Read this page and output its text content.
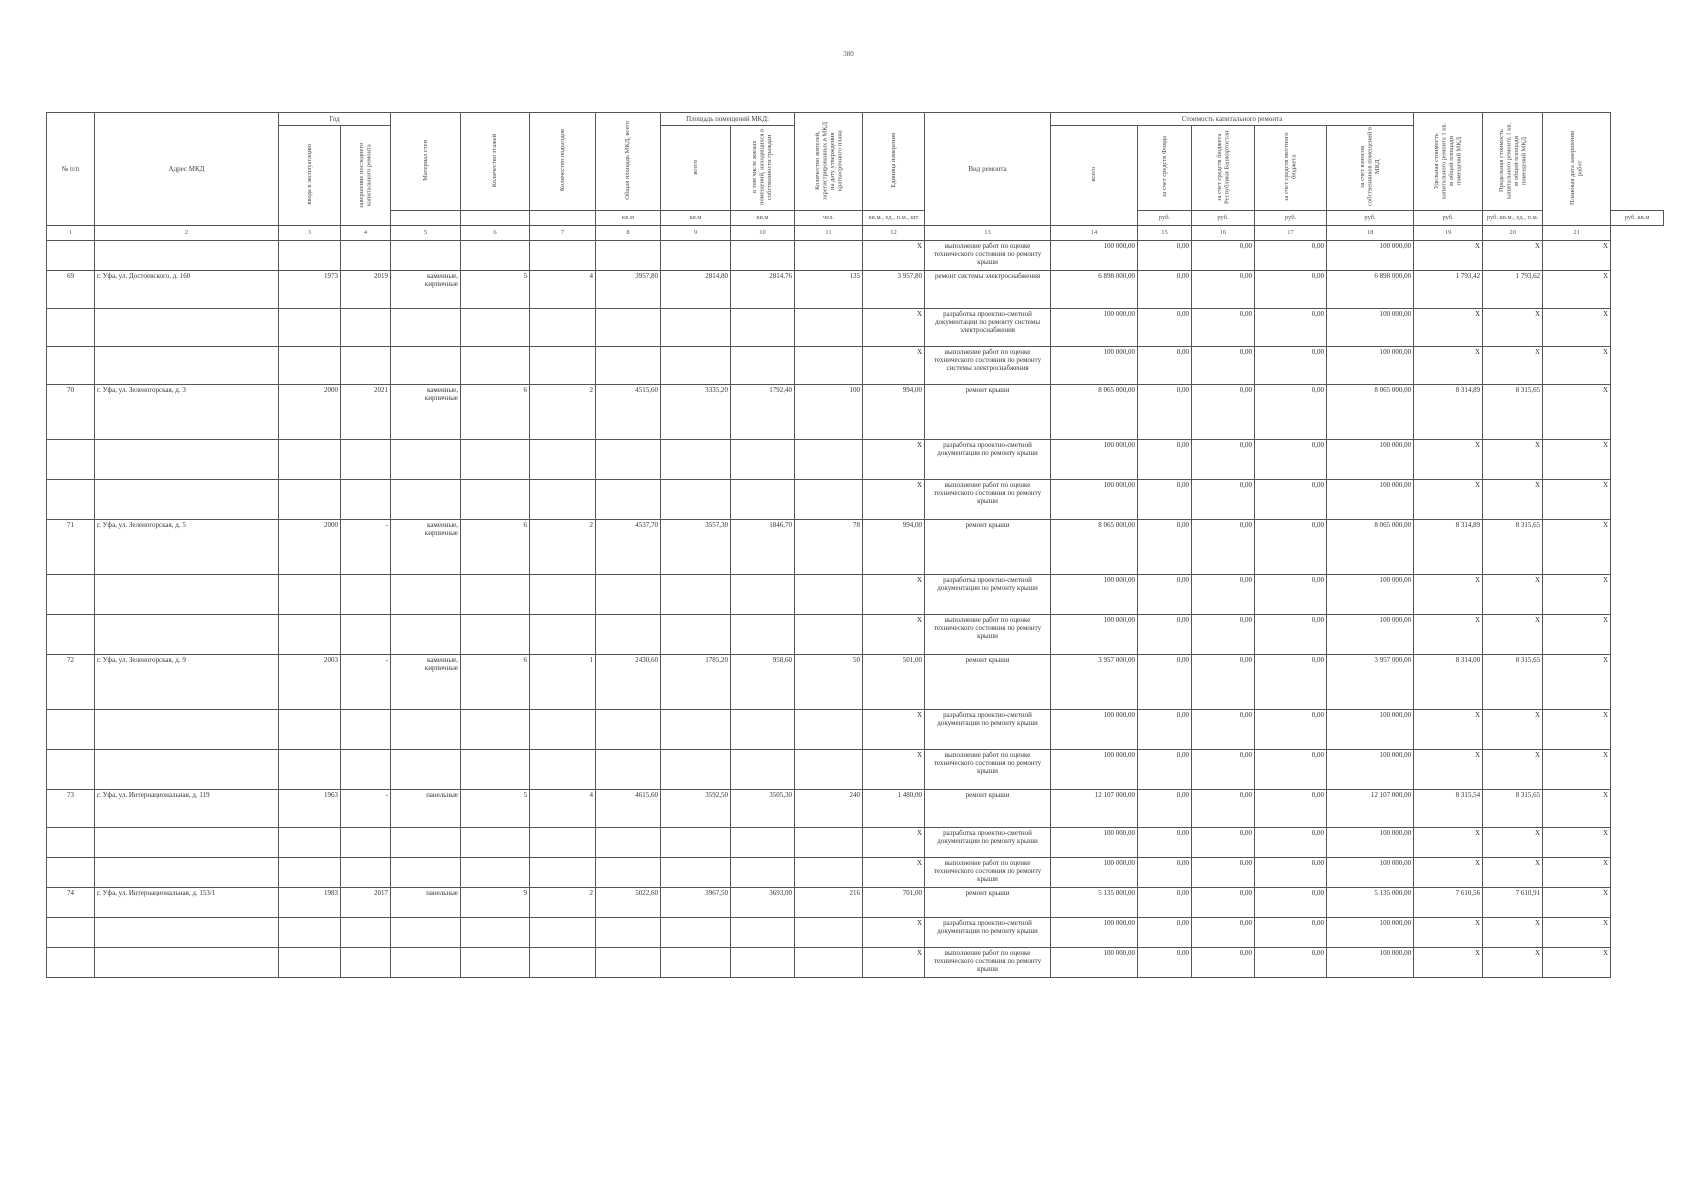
380
№ п/п	Адрес МКД	Год		Материал стен	Количество этажей	Количество подъездов	Общая площадь МКД, всего	Площадь помещений МКД:		Количество жителей, зарегистрированных в МКД на дату утверждения краткосрочного плана	Единица измерения	Вид ремонта	Стоимость капитального ремонта					Удельная стоимость капитального ремонта 1 кв. м общей площади помещений МКД	Предельная стоимость капитального ремонта 1 кв. м общей площади помещений МКД	Плановая дата завершения работ	
		ввода в эксплуатацию	завершение последнего капитального ремонта					всего	в том числе жилых помещений, находящихся в собственности граждан				всего	за счет средств Фонда	за счет средств бюджета Республики Башкортостан	за счет средств местного бюджета	за счет взносов собственников помещений в МКД				
							кв.м	кв.м	кв.м	чел.	кв.м., ед., п.м., шт			руб.	руб.	руб.	руб.	руб.	руб. кв.м., ед., п.м.		руб. кв.м
1	2	3	4	5	6	7	8	9	10	11	12	13	14	15	16	17	18	19	20	21	
											X	выполнение работ по оценке технического состояния по ремонту крыши	100 000,00	0,00	0,00	0,00	100 000,00	X	X	X	
69	г. Уфа, ул. Достоевского, д. 160	1973	2019	каменные, кирпичные	5	4	3957,80	2814,80	2814,76	135	3 957,80	ремонт системы электроснабжения	6 898 000,00	0,00	0,00	0,00	6 898 000,00	1 793,42	1 793,62	X	
											X	разработка проектно-сметной документации по ремонту системы электроснабжения	100 000,00	0,00	0,00	0,00	100 000,00	X	X	X	
											X	выполнение работ по оценке технического состояния по ремонту системы электроснабжения	100 000,00	0,00	0,00	0,00	100 000,00	X	X	X	
70	г. Уфа, ул. Зеленогорская, д. 3	2000	2021	каменные, кирпичные	6	2	4515,60	3335,20	1792,40	100	994,00	ремонт крыши	8 065 000,00	0,00	0,00	0,00	8 065 000,00	8 314,89	8 315,65	X	
											X	разработка проектно-сметной документации по ремонту крыши	100 000,00	0,00	0,00	0,00	100 000,00	X	X	X	
											X	выполнение работ по оценке технического состояния по ремонту крыши	100 000,00	0,00	0,00	0,00	100 000,00	X	X	X	
71	г. Уфа, ул. Зеленогорская, д. 5	2000	-	каменные, кирпичные	6	2	4537,70	3557,30	1846,70	78	994,00	ремонт крыши	8 065 000,00	0,00	0,00	0,00	8 065 000,00	8 314,89	8 315,65	X	
											X	разработка проектно-сметной документации по ремонту крыши	100 000,00	0,00	0,00	0,00	100 000,00	X	X	X	
											X	выполнение работ по оценке технического состояния по ремонту крыши	100 000,00	0,00	0,00	0,00	100 000,00	X	X	X	
72	г. Уфа, ул. Зеленогорская, д. 9	2003	-	каменные, кирпичные	6	1	2430,60	1785,20	958,60	50	501,00	ремонт крыши	3 957 000,00	0,00	0,00	0,00	3 957 000,00	8 314,00	8 315,65	X	
											X	разработка проектно-сметной документации по ремонту крыши	100 000,00	0,00	0,00	0,00	100 000,00	X	X	X	
											X	выполнение работ по оценке технического состояния по ремонту крыши	100 000,00	0,00	0,00	0,00	100 000,00	X	X	X	
73	г. Уфа, ул. Интернациональная, д. 119	1963	-	панельные	5	4	4615,60	3592,50	3505,30	240	1 480,00	ремонт крыши	12 107 000,00	0,00	0,00	0,00	12 107 000,00	8 315,54	8 315,65	X	
											X	разработка проектно-сметной документации по ремонту крыши	100 000,00	0,00	0,00	0,00	100 000,00	X	X	X	
											X	выполнение работ по оценке технического состояния по ремонту крыши	100 000,00	0,00	0,00	0,00	100 000,00	X	X	X	
74	г. Уфа, ул. Интернациональная, д. 153/1	1983	2017	панельные	9	2	5022,60	3967,50	3693,00	216	701,00	ремонт крыши	5 135 000,00	0,00	0,00	0,00	5 135 000,00	7 610,56	7 610,91	X	
											X	разработка проектно-сметной документации по ремонту крыши	100 000,00	0,00	0,00	0,00	100 000,00	X	X	X	
											X	выполнение работ по оценке технического состояния по ремонту крыши	100 000,00	0,00	0,00	0,00	100 000,00	X	X	X	
